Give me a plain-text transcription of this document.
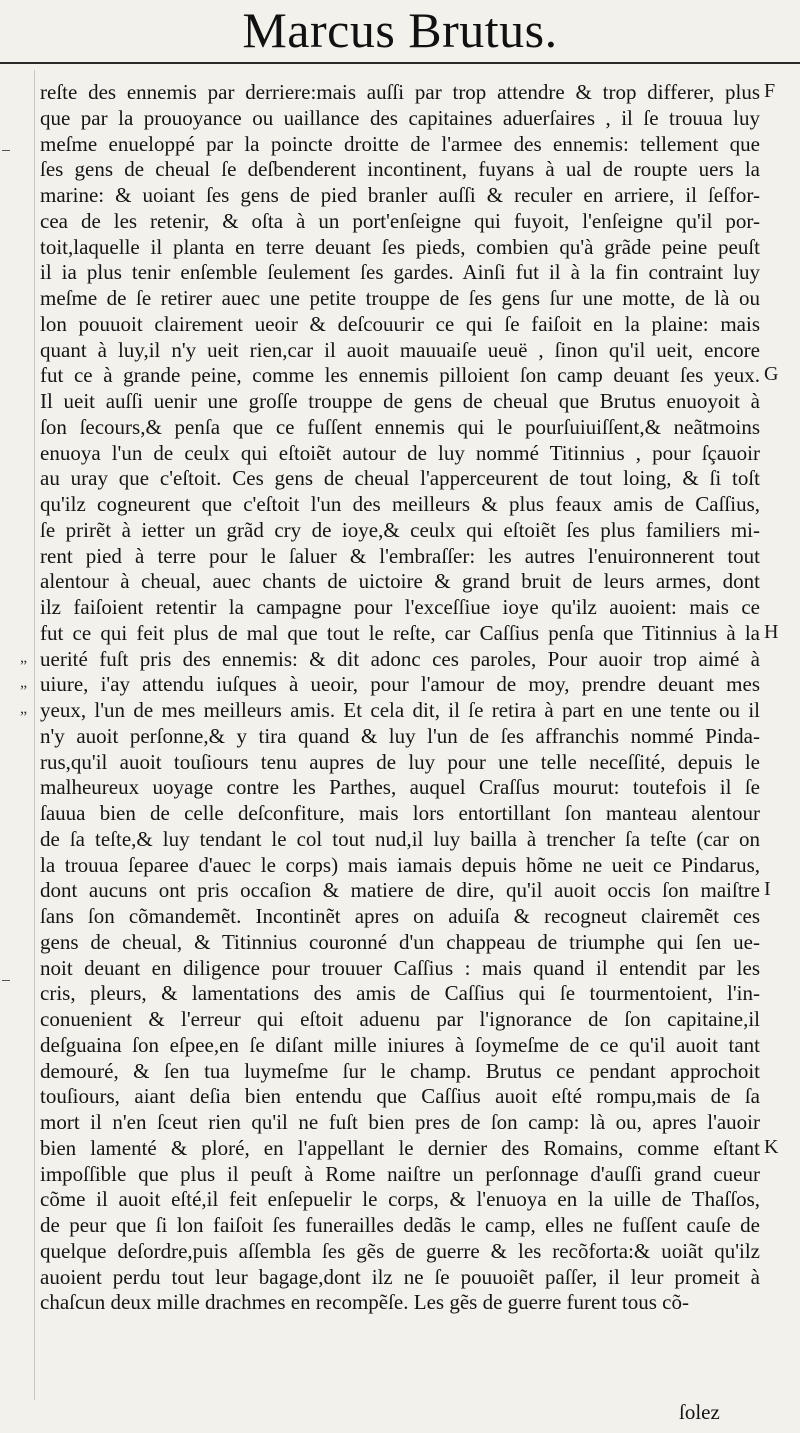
Marcus Brutus.
reſte des ennemis par derriere:mais auſſi par trop attendre & trop differer, plus
que par la prouoyance ou uaillance des capitaines aduerſaires , il ſe trouua luy
meſme enueloppé par la poincte droitte de l'armee des ennemis: tellement que
ſes gens de cheual ſe deſbenderent incontinent, fuyans à ual de roupte uers la
marine: & uoiant ſes gens de pied branler auſſi & reculer en arriere, il ſeſfor-
cea de les retenir, & oſta à un port'enſeigne qui fuyoit, l'enſeigne qu'il por-
toit,laquelle il planta en terre deuant ſes pieds, combien qu'à grãde peine peuſt
il ia plus tenir enſemble ſeulement ſes gardes. Ainſi fut il à la fin contraint luy
meſme de ſe retirer auec une petite trouppe de ſes gens ſur une motte, de là ou
lon pouuoit clairement ueoir & deſcouurir ce qui ſe faiſoit en la plaine: mais
quant à luy,il n'y ueit rien,car il auoit mauuaiſe ueuë , ſinon qu'il ueit, encore
fut ce à grande peine, comme les ennemis pilloient ſon camp deuant ſes yeux.
Il ueit auſſi uenir une groſſe trouppe de gens de cheual que Brutus enuoyoit à
ſon ſecours,& penſa que ce fuſſent ennemis qui le pourſuiuiſſent,& neãtmoins
enuoya l'un de ceulx qui eſtoiẽt autour de luy nommé Titinnius , pour ſçauoir
au uray que c'eſtoit. Ces gens de cheual l'apperceurent de tout loing, & ſi toſt
qu'ilz cogneurent que c'eſtoit l'un des meilleurs & plus feaux amis de Caſſius,
ſe prirẽt à ietter un grãd cry de ioye,& ceulx qui eſtoiẽt ſes plus familiers mi-
rent pied à terre pour le ſaluer & l'embraſſer: les autres l'enuironnerent tout
alentour à cheual, auec chants de uictoire & grand bruit de leurs armes, dont
ilz faiſoient retentir la campagne pour l'exceſſiue ioye qu'ilz auoient: mais ce
fut ce qui feit plus de mal que tout le reſte, car Caſſius penſa que Titinnius à la
uerité fuſt pris des ennemis: & dit adonc ces paroles, Pour auoir trop aimé à
uiure, i'ay attendu iuſques à ueoir, pour l'amour de moy, prendre deuant mes
yeux, l'un de mes meilleurs amis. Et cela dit, il ſe retira à part en une tente ou il
n'y auoit perſonne,& y tira quand & luy l'un de ſes affranchis nommé Pinda-
rus,qu'il auoit touſiours tenu aupres de luy pour une telle neceſſité, depuis le
malheureux uoyage contre les Parthes, auquel Craſſus mourut: toutefois il ſe
ſauua bien de celle deſconfiture, mais lors entortillant ſon manteau alentour
de ſa teſte,& luy tendant le col tout nud,il luy bailla à trencher ſa teſte (car on
la trouua ſeparee d'auec le corps) mais iamais depuis hõme ne ueit ce Pindarus,
dont aucuns ont pris occaſion & matiere de dire, qu'il auoit occis ſon maiſtre
ſans ſon cõmandemẽt. Incontinẽt apres on aduiſa & recogneut clairemẽt ces
gens de cheual, & Titinnius couronné d'un chappeau de triumphe qui ſen ue-
noit deuant en diligence pour trouuer Caſſius : mais quand il entendit par les
cris, pleurs, & lamentations des amis de Caſſius qui ſe tourmentoient, l'in-
conuenient & l'erreur qui eſtoit aduenu par l'ignorance de ſon capitaine,il
deſguaina ſon eſpee,en ſe diſant mille iniures à ſoymeſme de ce qu'il auoit tant
demouré, & ſen tua luymeſme ſur le champ. Brutus ce pendant approchoit
touſiours, aiant deſia bien entendu que Caſſius auoit eſté rompu,mais de ſa
mort il n'en ſceut rien qu'il ne fuſt bien pres de ſon camp: là ou, apres l'auoir
bien lamenté & ploré, en l'appellant le dernier des Romains, comme eſtant
impoſſible que plus il peuſt à Rome naiſtre un perſonnage d'auſſi grand cueur
cõme il auoit eſté,il feit enſepuelir le corps, & l'enuoya en la uille de Thaſſos,
de peur que ſi lon faiſoit ſes funerailles dedãs le camp, elles ne fuſſent cauſe de
quelque deſordre,puis aſſembla ſes gẽs de guerre & les recõforta:& uoiãt qu'ilz
auoient perdu tout leur bagage,dont ilz ne ſe pouuoiẽt paſſer, il leur promeit à
chaſcun deux mille drachmes en recompẽſe. Les gẽs de guerre furent tous cõ-
F
G
H
I
K
„
„
„
ſolez
